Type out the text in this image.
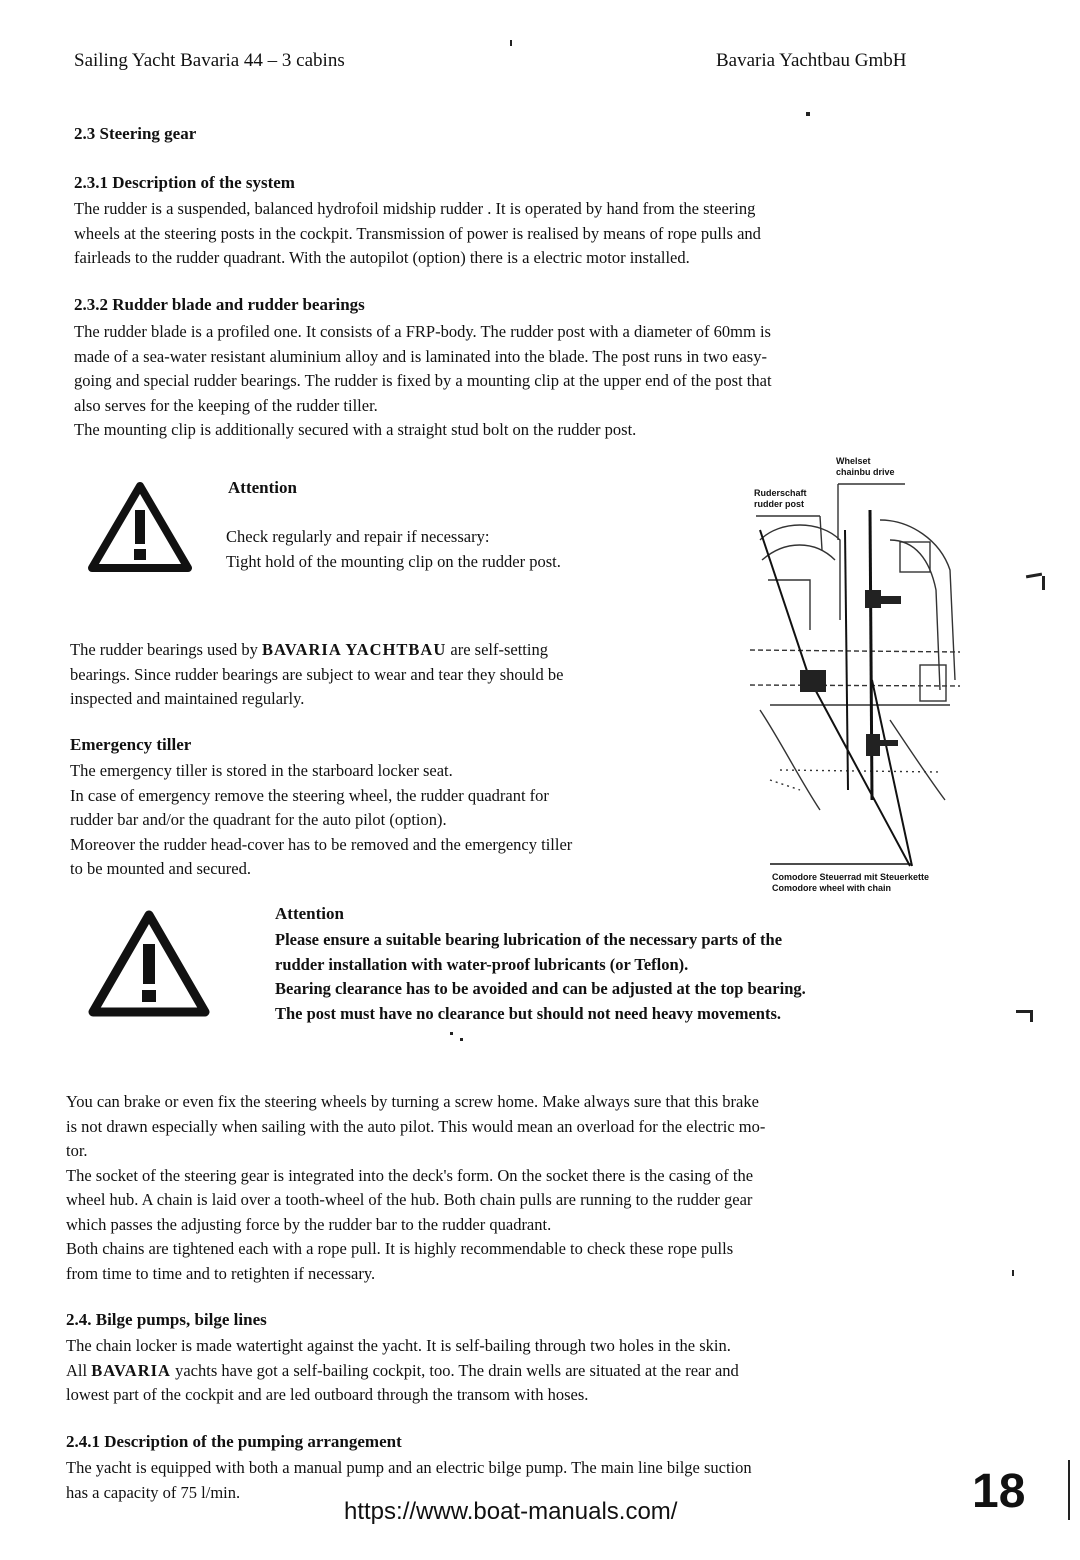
Sailing Yacht Bavaria 44 – 3 cabins	Bavaria Yachtbau GmbH
2.3 Steering gear
2.3.1 Description of the system
The rudder is a suspended, balanced hydrofoil midship rudder . It is operated by hand from the steering
wheels at the steering posts in the cockpit. Transmission of power is realised by means of rope pulls and
fairleads to the rudder quadrant. With the autopilot (option) there is a electric motor installed.
2.3.2 Rudder blade and rudder bearings
The rudder blade is a profiled one. It consists of a FRP-body. The rudder post with a diameter of 60mm is
made of a sea-water resistant aluminium alloy and is laminated into the blade. The post runs in two easy-
going and special rudder bearings. The rudder is fixed by a mounting clip at the upper end of the post that
also serves for the keeping of the rudder tiller.
The mounting clip is additionally secured with a straight stud bolt on the rudder post.
Attention
Check regularly and repair if necessary:
Tight hold of the mounting clip on the rudder post.
The rudder bearings used by BAVARIA YACHTBAU are self-setting
bearings. Since rudder bearings are subject to wear and tear they should be
inspected and maintained regularly.
Emergency tiller
The emergency tiller is stored in the starboard locker seat.
In case of emergency remove the steering wheel, the rudder quadrant for
rudder bar and/or the quadrant for the auto pilot (option).
Moreover the rudder head-cover has to be removed and the emergency tiller
to be mounted and secured.
Whelset
chainbu drive
Ruderschaft
rudder post
Comodore Steuerrad mit Steuerkette
Comodore wheel with chain
Attention
Please ensure a suitable bearing lubrication of the necessary parts of the
rudder installation with water-proof lubricants (or Teflon).
Bearing clearance has to be avoided and can be adjusted at the top bearing.
The post must have no clearance but should not need heavy movements.
You can brake or even fix the steering wheels by turning a screw home. Make always sure that this brake
is not drawn especially when sailing with the auto pilot. This would mean an overload for the electric mo-
tor.
The socket of the steering gear is integrated into the deck's form. On the socket there is the casing of the
wheel hub. A chain is laid over a tooth-wheel of the hub. Both chain pulls are running to the rudder gear
which passes the adjusting force by the rudder bar to the rudder quadrant.
Both chains are tightened each with a rope pull. It is highly recommendable to check these rope pulls
from time to time and to retighten if necessary.
2.4. Bilge pumps, bilge lines
The chain locker is made watertight against the yacht. It is self-bailing through two holes in the skin.
All BAVARIA yachts have got a self-bailing cockpit, too. The drain wells are situated at the rear and
lowest part of the cockpit and are led outboard through the transom with hoses.
2.4.1 Description of the pumping arrangement
The yacht is equipped with both a manual pump and an electric bilge pump. The main line bilge suction
has a capacity of 75 l/min.
https://www.boat-manuals.com/	18
